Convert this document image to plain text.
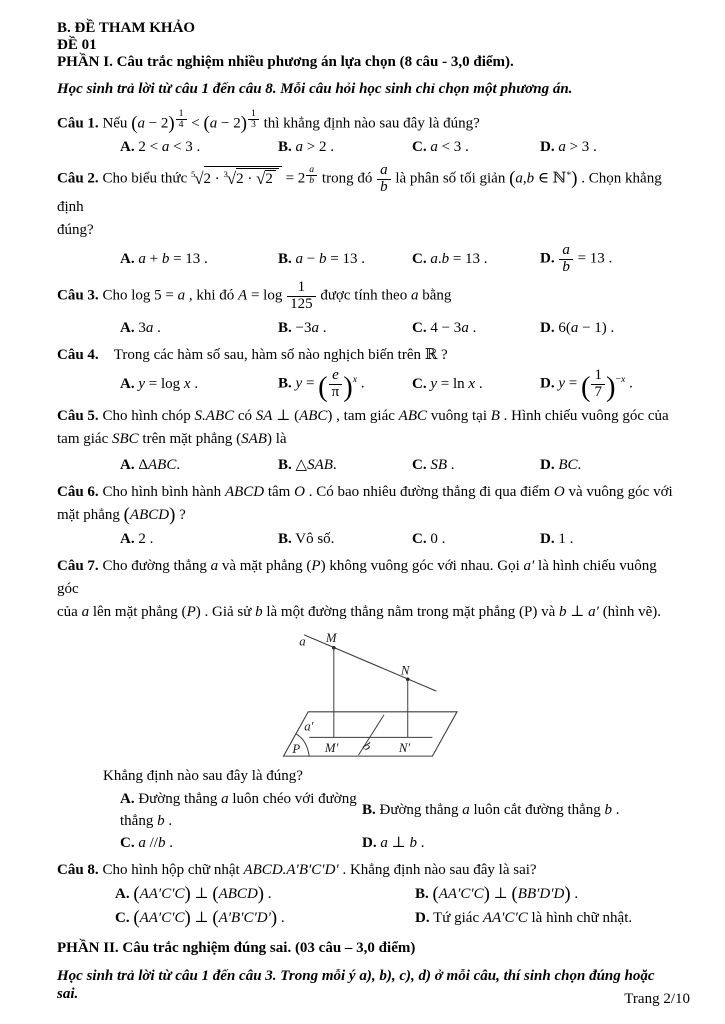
B. ĐỀ THAM KHẢO
ĐỀ 01
PHẦN I. Câu trắc nghiệm nhiều phương án lựa chọn (8 câu - 3,0 điểm).
Học sinh trả lời từ câu 1 đến câu 8. Mỗi câu hỏi học sinh chỉ chọn một phương án.
Câu 1. Nếu (a − 2) $^{\frac{1}{4}}$ < (a − 2) $^{\frac{1}{3}}$ thì khẳng định nào sau đây là đúng?
A. 2 < a < 3 .	B. a > 2 .	C. a < 3 .	D. a > 3 .
Câu 2. Cho biểu thức $^5$√2 · $^3$√2 · √2 = 2 $^{\frac{a}{b}}$ trong đó $\frac{a}{b}$ là phân số tối giản (a,b ∈ ℕ*) . Chọn khẳng định
đúng?
A. a + b = 13 .	B. a − b = 13 .	C. a.b = 13 .	D. $\frac{a}{b} = 13$ .
Câu 3. Cho log 5 = a , khi đó $A = \log \frac{1}{125}$ được tính theo a bằng
A. 3a .	B. −3a .	C. 4 − 3a .	D. 6(a − 1) .
Câu 4.    Trong các hàm số sau, hàm số nào nghịch biến trên ℝ ?
A. y = log x .	B. y = ( $\frac{e}{\pi} )^x$ .	C. y = ln x .	D. y = ( $\frac{1}{7} )^{-x}$ .
Câu 5. Cho hình chóp S.ABC có SA ⊥ (ABC) , tam giác ABC vuông tại B . Hình chiếu vuông góc của
tam giác SBC trên mặt phẳng (SAB) là
A. ΔABC.	B. △SAB.	C. SB .	D. BC.
Câu 6. Cho hình bình hành ABCD tâm O . Có bao nhiêu đường thẳng đi qua điểm O và vuông góc với
mặt phẳng (ABCD) ?
A. 2 .	B. Vô số.	C. 0 .	D. 1 .
Câu 7. Cho đường thẳng a và mặt phẳng (P) không vuông góc với nhau. Gọi a′ là hình chiếu vuông góc
của a lên mặt phẳng (P) . Giả sử b là một đường thẳng nằm trong mặt phẳng (P) và b ⊥ a′ (hình vẽ).
a M
N
a′
M′	N′
b
P
Khẳng định nào sau đây là đúng?
A. Đường thẳng a luôn chéo với đường thẳng b .
B. Đường thẳng a luôn cắt đường thẳng b .
C. a //b .	D. a ⊥ b .
Câu 8. Cho hình hộp chữ nhật ABCD.A′B′C′D′ . Khẳng định nào sau đây là sai?
A. (AA′C′C) ⊥ (ABCD) .	B. (AA′C′C) ⊥ (BB′D′D) .
C. (AA′C′C) ⊥ (A′B′C′D′) .	D. Tứ giác AA′C′C là hình chữ nhật.
PHẦN II. Câu trắc nghiệm đúng sai. (03 câu – 3,0 điểm)
Học sinh trả lời từ câu 1 đến câu 3. Trong mỗi ý a), b), c), d) ở mỗi câu, thí sinh chọn đúng hoặc sai.	Trang 2/10
